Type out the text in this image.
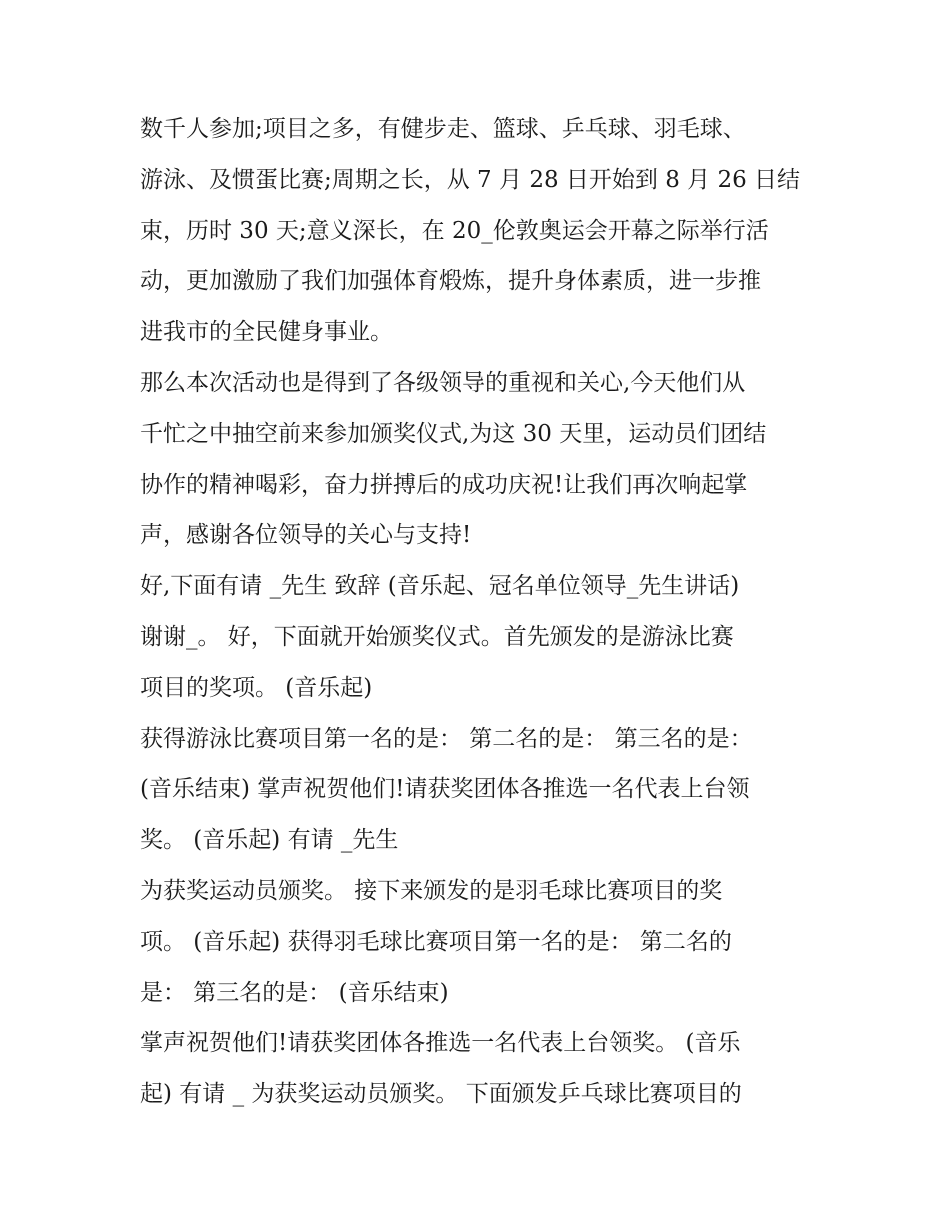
数千人参加;项目之多，有健步走、篮球、乒乓球、羽毛球、
游泳、及惯蛋比赛;周期之长，从 7 月 28 日开始到 8 月 26 日结
束，历时 30 天;意义深长，在 20_伦敦奥运会开幕之际举行活
动，更加激励了我们加强体育煅炼，提升身体素质，进一步推
进我市的全民健身事业。
那么本次活动也是得到了各级领导的重视和关心,今天他们从
千忙之中抽空前来参加颁奖仪式,为这 30 天里，运动员们团结
协作的精神喝彩，奋力拼搏后的成功庆祝!让我们再次响起掌
声，感谢各位领导的关心与支持!
好,下面有请 _先生 致辞 (音乐起、冠名单位领导_先生讲话)
谢谢_。 好，下面就开始颁奖仪式。首先颁发的是游泳比赛
项目的奖项。 (音乐起)
获得游泳比赛项目第一名的是： 第二名的是： 第三名的是：
(音乐结束) 掌声祝贺他们!请获奖团体各推选一名代表上台领
奖。 (音乐起) 有请 _先生
为获奖运动员颁奖。 接下来颁发的是羽毛球比赛项目的奖
项。 (音乐起) 获得羽毛球比赛项目第一名的是： 第二名的
是： 第三名的是： (音乐结束)
掌声祝贺他们!请获奖团体各推选一名代表上台领奖。 (音乐
起) 有请 _ 为获奖运动员颁奖。 下面颁发乒乓球比赛项目的
